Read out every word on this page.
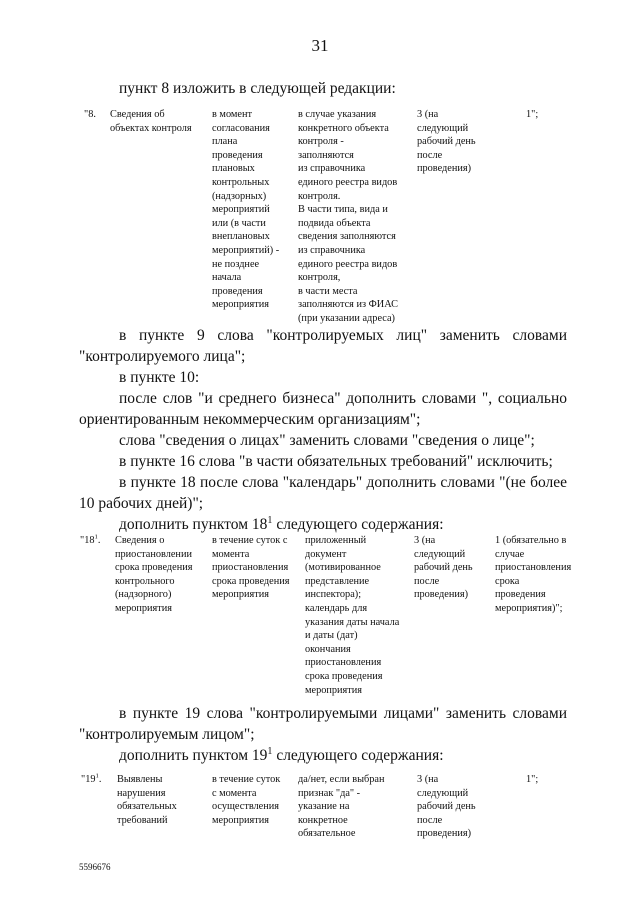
31
пункт 8 изложить в следующей редакции:
"8. Сведения об
объектах контроля
в момент
согласования
плана
проведения
плановых
контрольных
(надзорных)
мероприятий
или (в части
внеплановых
мероприятий) -
не позднее
начала
проведения
мероприятия
в случае указания
конкретного объекта
контроля -
заполняются
из справочника
единого реестра видов
контроля.
В части типа, вида и
подвида объекта
сведения заполняются
из справочника
единого реестра видов
контроля,
в части места
заполняются из ФИАС
(при указании адреса)
3 (на
следующий
рабочий день
после
проведения)
1";
в пункте 9 слова "контролируемых лиц" заменить словами
"контролируемого лица";
в пункте 10:
после слов "и среднего бизнеса" дополнить словами ", социально
ориентированным некоммерческим организациям";
слова "сведения о лицах" заменить словами "сведения о лице";
в пункте 16 слова "в части обязательных требований" исключить;
в пункте 18 после слова "календарь" дополнить словами "(не более
10 рабочих дней)";
дополнить пунктом $18^1$ следующего содержания:
"$18^1$. Сведения о
приостановлении
срока проведения
контрольного
(надзорного)
мероприятия
в течение суток с
момента
приостановления
срока проведения
мероприятия
приложенный
документ
(мотивированное
представление
инспектора);
календарь для
указания даты начала
и даты (дат)
окончания
приостановления
срока проведения
мероприятия
3 (на
следующий
рабочий день
после
проведения)
1 (обязательно в
случае
приостановления
срока
проведения
мероприятия)";
в пункте 19 слова "контролируемыми лицами" заменить словами
"контролируемым лицом";
дополнить пунктом $19^1$ следующего содержания:
"$19^1$. Выявлены
нарушения
обязательных
требований
в течение суток
с момента
осуществления
мероприятия
да/нет, если выбран
признак "да" -
указание на
конкретное
обязательное
3 (на
следующий
рабочий день
после
проведения)
1";
5596676
